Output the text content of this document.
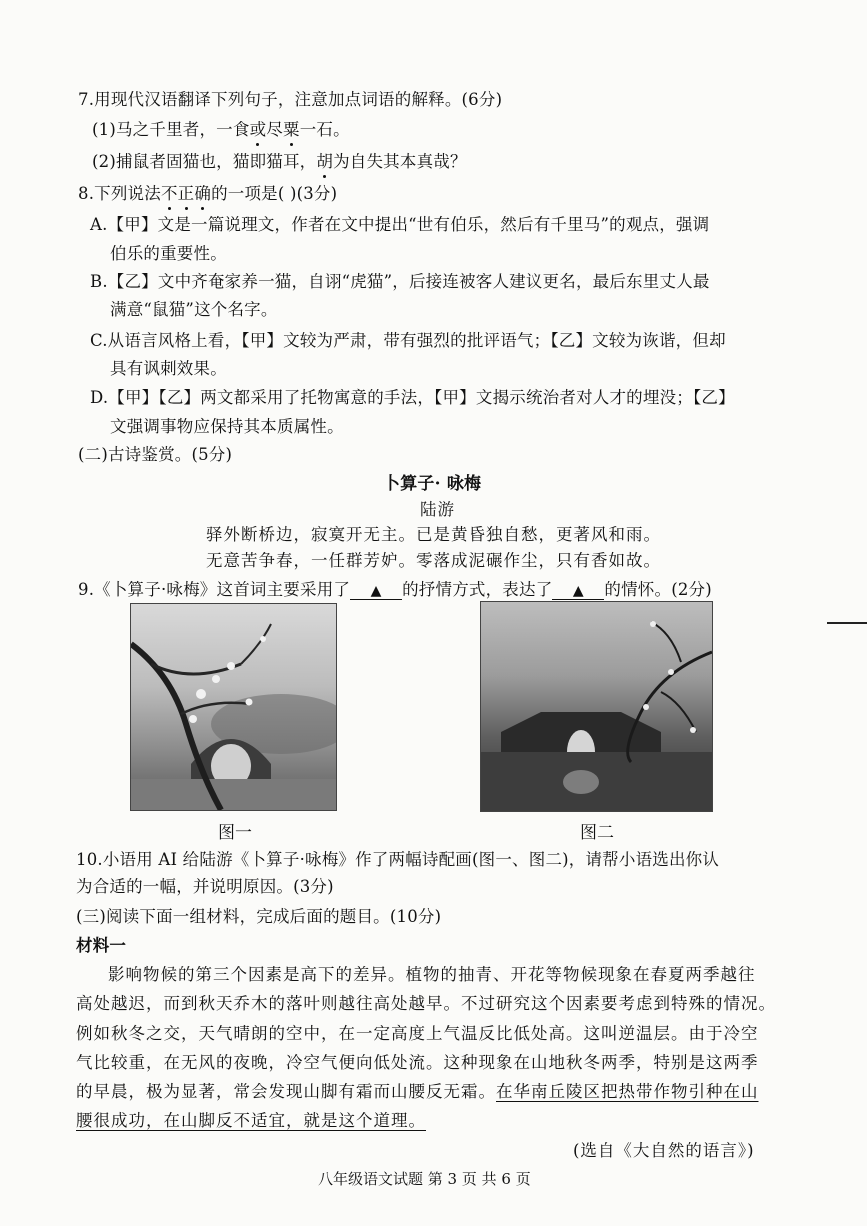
7.用现代汉语翻译下列句子，注意加点词语的解释。(6分)
(1)马之千里者，一食或尽粟一石。
(2)捕鼠者固猫也，猫即猫耳，胡为自失其本真哉？
8.下列说法不正确的一项是( )(3分)
A.【甲】文是一篇说理文，作者在文中提出“世有伯乐，然后有千里马”的观点，强调
伯乐的重要性。
B.【乙】文中齐奄家养一猫，自诩“虎猫”，后接连被客人建议更名，最后东里丈人最
满意“鼠猫”这个名字。
C.从语言风格上看，【甲】文较为严肃，带有强烈的批评语气；【乙】文较为诙谐，但却
具有讽刺效果。
D.【甲】【乙】两文都采用了托物寓意的手法，【甲】文揭示统治者对人才的埋没；【乙】
文强调事物应保持其本质属性。
(二)古诗鉴赏。(5分)
卜算子· 咏梅
陆游
驿外断桥边，寂寞开无主。已是黄昏独自愁，更著风和雨。
无意苦争春，一任群芳妒。零落成泥碾作尘，只有香如故。
9.《卜算子·咏梅》这首词主要采用了 ▲ 的抒情方式，表达了 ▲ 的情怀。(2分)
图一	图二
10.小语用 AI 给陆游《卜算子·咏梅》作了两幅诗配画(图一、图二)，请帮小语选出你认
为合适的一幅，并说明原因。(3分)
(三)阅读下面一组材料，完成后面的题目。(10分)
材料一
影响物候的第三个因素是高下的差异。植物的抽青、开花等物候现象在春夏两季越往
高处越迟，而到秋天乔木的落叶则越往高处越早。不过研究这个因素要考虑到特殊的情况。
例如秋冬之交，天气晴朗的空中，在一定高度上气温反比低处高。这叫逆温层。由于冷空
气比较重，在无风的夜晚，冷空气便向低处流。这种现象在山地秋冬两季，特别是这两季
的早晨，极为显著，常会发现山脚有霜而山腰反无霜。在华南丘陵区把热带作物引种在山
腰很成功，在山脚反不适宜，就是这个道理。
(选自《大自然的语言》)
八年级语文试题 第 3 页 共 6 页
